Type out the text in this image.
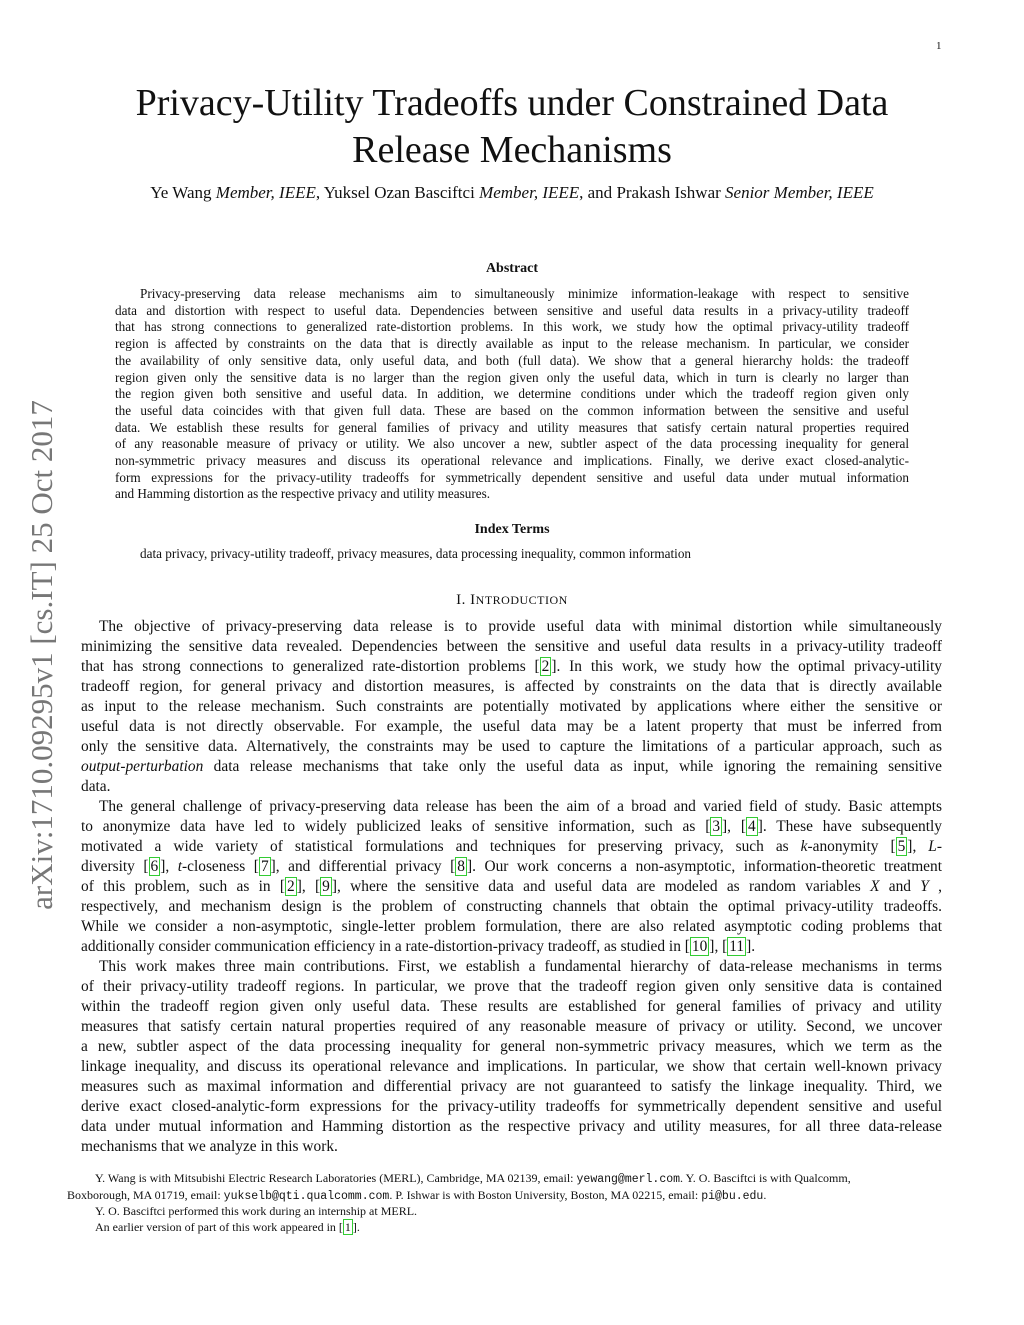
1
Privacy-Utility Tradeoffs under Constrained Data
Release Mechanisms
Ye Wang Member, IEEE, Yuksel Ozan Basciftci Member, IEEE, and Prakash Ishwar Senior Member, IEEE
arXiv:1710.09295v1 [cs.IT] 25 Oct 2017
Abstract
Privacy-preserving data release mechanisms aim to simultaneously minimize information-leakage with respect to sensitive
data and distortion with respect to useful data. Dependencies between sensitive and useful data results in a privacy-utility tradeoff
that has strong connections to generalized rate-distortion problems. In this work, we study how the optimal privacy-utility tradeoff
region is affected by constraints on the data that is directly available as input to the release mechanism. In particular, we consider
the availability of only sensitive data, only useful data, and both (full data). We show that a general hierarchy holds: the tradeoff
region given only the sensitive data is no larger than the region given only the useful data, which in turn is clearly no larger than
the region given both sensitive and useful data. In addition, we determine conditions under which the tradeoff region given only
the useful data coincides with that given full data. These are based on the common information between the sensitive and useful
data. We establish these results for general families of privacy and utility measures that satisfy certain natural properties required
of any reasonable measure of privacy or utility. We also uncover a new, subtler aspect of the data processing inequality for general
non-symmetric privacy measures and discuss its operational relevance and implications. Finally, we derive exact closed-analytic-
form expressions for the privacy-utility tradeoffs for symmetrically dependent sensitive and useful data under mutual information
and Hamming distortion as the respective privacy and utility measures.
Index Terms
data privacy, privacy-utility tradeoff, privacy measures, data processing inequality, common information
I. INTRODUCTION
The objective of privacy-preserving data release is to provide useful data with minimal distortion while simultaneously
minimizing the sensitive data revealed. Dependencies between the sensitive and useful data results in a privacy-utility tradeoff
that has strong connections to generalized rate-distortion problems [ 2 ]. In this work, we study how the optimal privacy-utility
tradeoff region, for general privacy and distortion measures, is affected by constraints on the data that is directly available
as input to the release mechanism. Such constraints are potentially motivated by applications where either the sensitive or
useful data is not directly observable. For example, the useful data may be a latent property that must be inferred from
only the sensitive data. Alternatively, the constraints may be used to capture the limitations of a particular approach, such as
output-perturbation data release mechanisms that take only the useful data as input, while ignoring the remaining sensitive
data.
The general challenge of privacy-preserving data release has been the aim of a broad and varied field of study. Basic attempts
to anonymize data have led to widely publicized leaks of sensitive information, such as [ 3 ], [ 4 ]. These have subsequently
motivated a wide variety of statistical formulations and techniques for preserving privacy, such as k-anonymity [ 5 ], L-
diversity [ 6 ], t-closeness [ 7 ], and differential privacy [ 8 ]. Our work concerns a non-asymptotic, information-theoretic treatment
of this problem, such as in [ 2 ], [ 9 ], where the sensitive data and useful data are modeled as random variables X and Y ,
respectively, and mechanism design is the problem of constructing channels that obtain the optimal privacy-utility tradeoffs.
While we consider a non-asymptotic, single-letter problem formulation, there are also related asymptotic coding problems that
additionally consider communication efficiency in a rate-distortion-privacy tradeoff, as studied in [ 10 ], [ 11 ].
This work makes three main contributions. First, we establish a fundamental hierarchy of data-release mechanisms in terms
of their privacy-utility tradeoff regions. In particular, we prove that the tradeoff region given only sensitive data is contained
within the tradeoff region given only useful data. These results are established for general families of privacy and utility
measures that satisfy certain natural properties required of any reasonable measure of privacy or utility. Second, we uncover
a new, subtler aspect of the data processing inequality for general non-symmetric privacy measures, which we term as the
linkage inequality, and discuss its operational relevance and implications. In particular, we show that certain well-known privacy
measures such as maximal information and differential privacy are not guaranteed to satisfy the linkage inequality. Third, we
derive exact closed-analytic-form expressions for the privacy-utility tradeoffs for symmetrically dependent sensitive and useful
data under mutual information and Hamming distortion as the respective privacy and utility measures, for all three data-release
mechanisms that we analyze in this work.
Y. Wang is with Mitsubishi Electric Research Laboratories (MERL), Cambridge, MA 02139, email: yewang@merl.com. Y. O. Basciftci is with Qualcomm,
Boxborough, MA 01719, email: yukselb@qti.qualcomm.com. P. Ishwar is with Boston University, Boston, MA 02215, email: pi@bu.edu.
Y. O. Basciftci performed this work during an internship at MERL.
An earlier version of part of this work appeared in [ 1 ].
